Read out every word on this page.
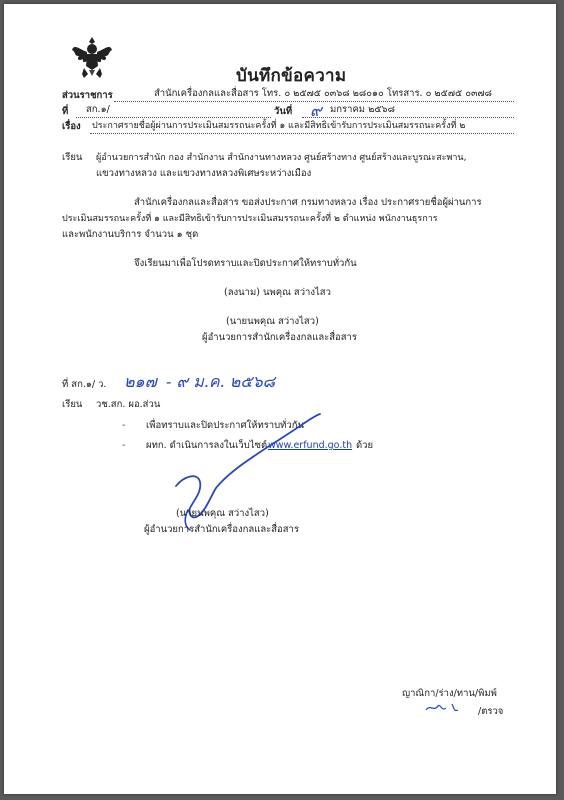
บันทึกข้อความ
ส่วนราชการ	สำนักเครื่องกลและสื่อสาร โทร. ๐ ๒๕๗๕ ๐๓๖๘ ๒๘๐๑๐ โทรสาร. ๐ ๒๕๗๕ ๐๓๗๘
ที่ สก.๑/	วันที่ ๙ มกราคม ๒๕๖๘
เรื่อง ประกาศรายชื่อผู้ผ่านการประเมินสมรรถนะครั้งที่ ๑ และมีสิทธิเข้ารับการประเมินสมรรถนะครั้งที่ ๒
เรียน ผู้อำนวยการสำนัก กอง สำนักงาน สำนักงานทางหลวง ศูนย์สร้างทาง ศูนย์สร้างและบูรณะสะพาน,
แขวงทางหลวง และแขวงทางหลวงพิเศษระหว่างเมือง
สำนักเครื่องกลและสื่อสาร ขอส่งประกาศ กรมทางหลวง เรื่อง ประกาศรายชื่อผู้ผ่านการ
ประเมินสมรรถนะครั้งที่ ๑ และมีสิทธิเข้ารับการประเมินสมรรถนะครั้งที่ ๒ ตำแหน่ง พนักงานธุรการ
และพนักงานบริการ จำนวน ๑ ชุด
จึงเรียนมาเพื่อโปรดทราบและปิดประกาศให้ทราบทั่วกัน
(ลงนาม) นพคุณ สว่างไสว
(นายนพคุณ สว่างไสว)
ผู้อำนวยการสำนักเครื่องกลและสื่อสาร
ที่ สก.๑/ ว. ๒๑๗ - ๙ ม.ค. ๒๕๖๘
เรียน วช.สก. ผอ.ส่วน
- เพื่อทราบและปิดประกาศให้ทราบทั่วกัน
- ผทก. ดำเนินการลงในเว็บไซต์ www.erfund.go.th ด้วย
(นายนพคุณ สว่างไสว)
ผู้อำนวยการสำนักเครื่องกลและสื่อสาร
ญาณิกา/ร่าง/ทาน/พิมพ์
/ตรวจ
